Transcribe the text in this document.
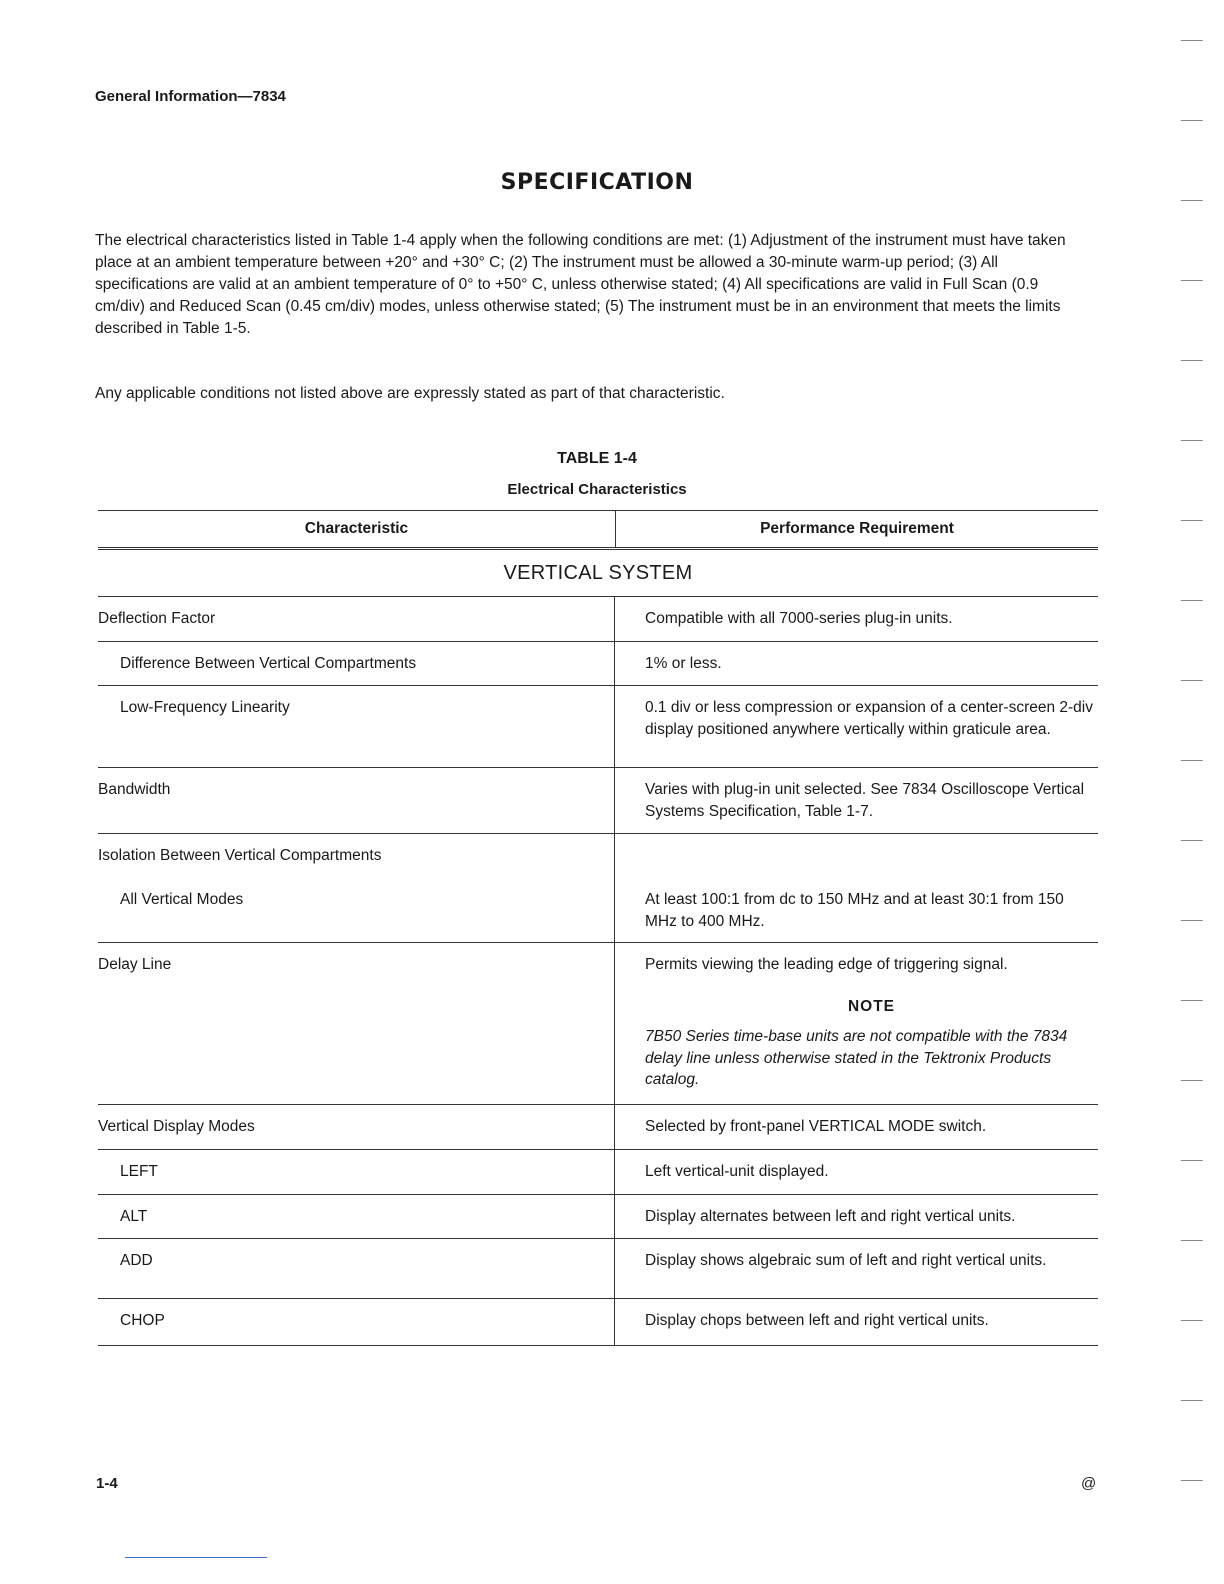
General Information—7834
SPECIFICATION

The electrical characteristics listed in Table 1-4 apply when the following conditions are met: (1) Adjustment of the instrument must have taken place at an ambient temperature between +20° and +30° C; (2) The instrument must be allowed a 30-minute warm-up period; (3) All specifications are valid at an ambient temperature of 0° to +50° C, unless otherwise stated; (4) All specifications are valid in Full Scan (0.9 cm/div) and Reduced Scan (0.45 cm/div) modes, unless otherwise stated; (5) The instrument must be in an environment that meets the limits described in Table 1-5.

Any applicable conditions not listed above are expressly stated as part of that characteristic.

TABLE 1-4
Electrical Characteristics
Characteristic	Performance Requirement
VERTICAL SYSTEM
Deflection Factor	Compatible with all 7000-series plug-in units.
Difference Between Vertical Compartments	1% or less.
Low-Frequency Linearity	0.1 div or less compression or expansion of a center-screen 2-div display positioned anywhere vertically within graticule area.
Bandwidth	Varies with plug-in unit selected. See 7834 Oscilloscope Vertical Systems Specification, Table 1-7.
Isolation Between Vertical Compartments
All Vertical Modes	At least 100:1 from dc to 150 MHz and at least 30:1 from 150 MHz to 400 MHz.
Delay Line	Permits viewing the leading edge of triggering signal.
NOTE
7B50 Series time-base units are not compatible with the 7834 delay line unless otherwise stated in the Tektronix Products catalog.
Vertical Display Modes	Selected by front-panel VERTICAL MODE switch.
LEFT	Left vertical-unit displayed.
ALT	Display alternates between left and right vertical units.
ADD	Display shows algebraic sum of left and right vertical units.
CHOP	Display chops between left and right vertical units.
1-4	@
